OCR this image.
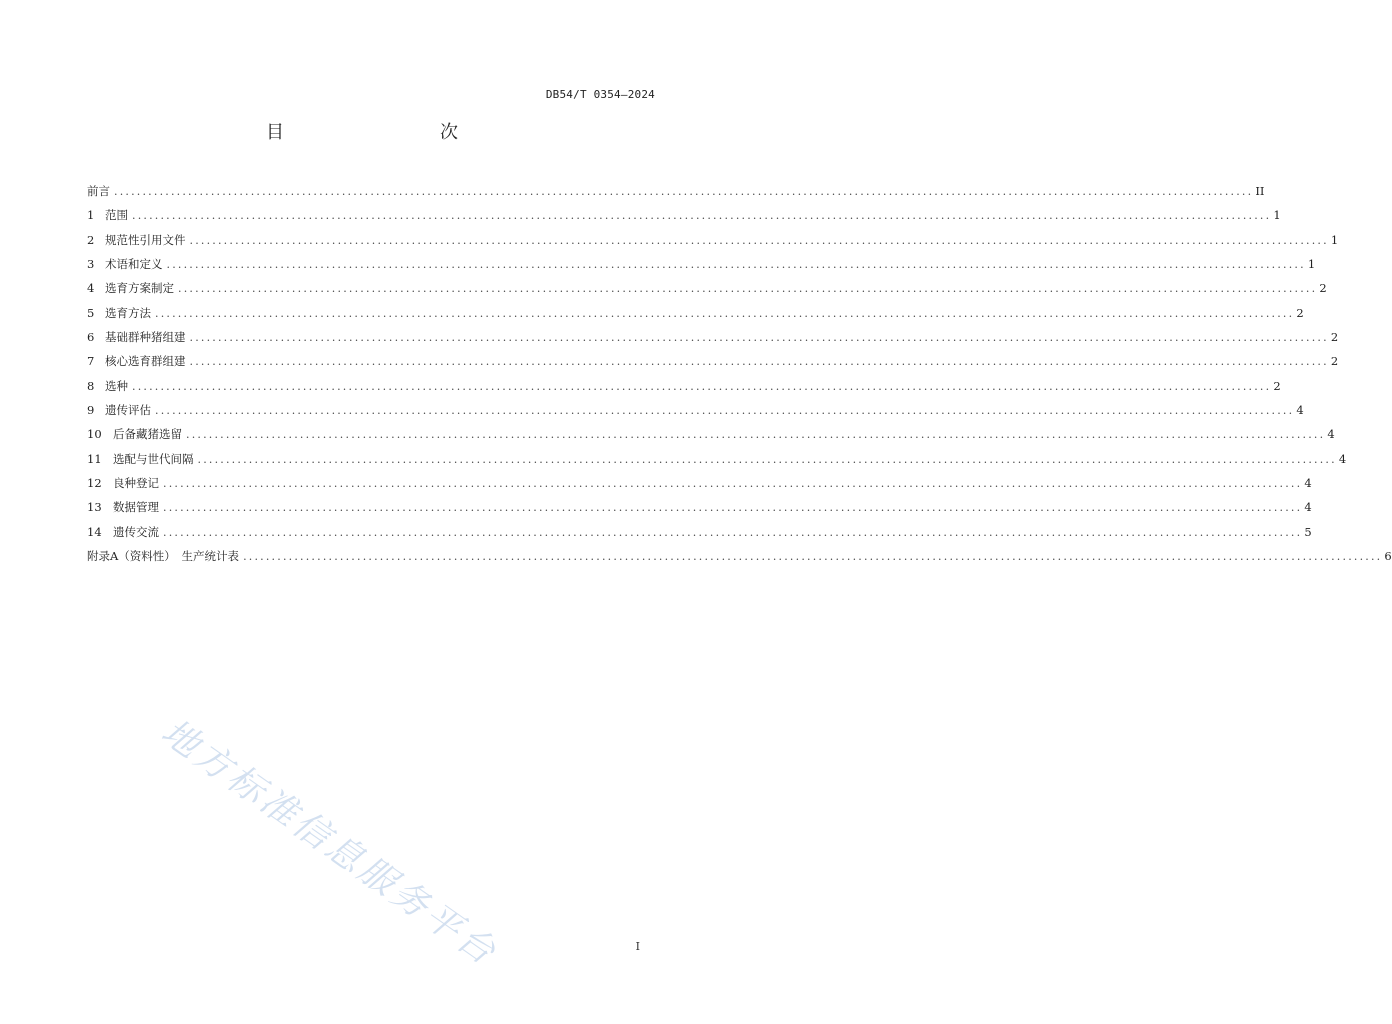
DB54/T 0354—2024
目　　次
前言 ........................................................................................................................................................................................................ II
1 范围 ........................................................................................................................................................................................................ 1
2 规范性引用文件 ........................................................................................................................................................................................................ 1
3 术语和定义 ........................................................................................................................................................................................................ 1
4 选育方案制定 ........................................................................................................................................................................................................ 2
5 选育方法 ........................................................................................................................................................................................................ 2
6 基础群种猪组建 ........................................................................................................................................................................................................ 2
7 核心选育群组建 ........................................................................................................................................................................................................ 2
8 选种 ........................................................................................................................................................................................................ 2
9 遗传评估 ........................................................................................................................................................................................................ 4
10 后备藏猪选留 ........................................................................................................................................................................................................ 4
11 选配与世代间隔 ........................................................................................................................................................................................................ 4
12 良种登记 ........................................................................................................................................................................................................ 4
13 数据管理 ........................................................................................................................................................................................................ 4
14 遗传交流 ........................................................................................................................................................................................................ 5
附录A（资料性）　生产统计表 ........................................................................................................................................................................................................ 6
地方标准信息服务平台	I
